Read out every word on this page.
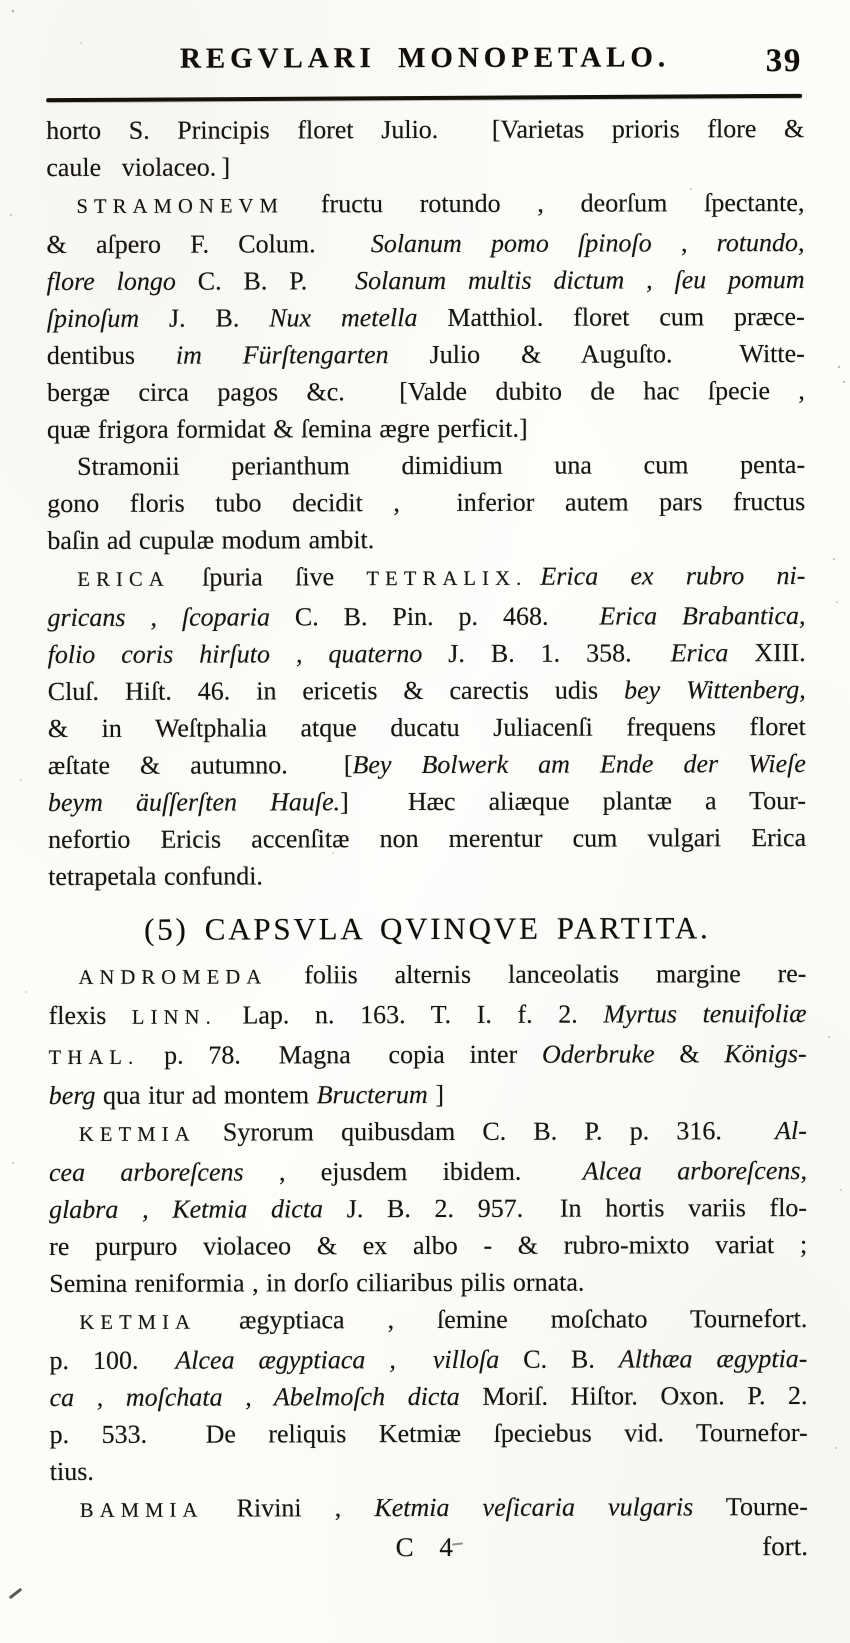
REGVLARI MONOPETALO.	39
horto S. Principis floret Julio.  [Varietas prioris flore &
caule  violaceo. ]
STRAMONEVM fructu rotundo , deorſum ſpectante,
& aſpero F. Colum.  Solanum pomo ſpinoſo , rotundo,
flore longo C. B. P.  Solanum multis dictum , ſeu pomum
ſpinoſum J. B. Nux metella Matthiol. floret cum præce-
dentibus im Fürſtengarten Julio & Auguſto.  Witte-
bergæ circa pagos &c.  [Valde dubito de hac ſpecie ,
quæ frigora formidat & ſemina ægre perficit.]
Stramonii perianthum dimidium una cum penta-
gono floris tubo decidit ,  inferior autem pars fructus
baſin ad cupulæ modum ambit.
ERICA ſpuria ſive TETRALIX.  Erica ex rubro ni-
gricans , ſcoparia C. B. Pin. p. 468.  Erica Brabantica,
folio coris hirſuto , quaterno J. B. 1. 358.  Erica XIII.
Cluſ. Hiſt. 46. in ericetis & carectis udis bey Wittenberg,
& in Weſtphalia atque ducatu Juliacenſi frequens floret
æſtate & autumno.  [Bey Bolwerk am Ende der Wieſe
beym äuſſerſten Hauſe.]  Hæc aliæque plantæ a Tour-
nefortio Ericis accenſitæ non merentur cum vulgari Erica
tetrapetala confundi.
(5) CAPSVLA QVINQVE PARTITA.
ANDROMEDA foliis alternis lanceolatis margine re-
flexis LINN. Lap. n. 163. T. I. f. 2. Myrtus tenuifoliæ
THAL. p. 78.  Magna  copia inter Oderbruke & Königs-
berg qua itur ad montem Bructerum ]
KETMIA Syrorum quibusdam C. B. P. p. 316.  Al-
cea arboreſcens , ejusdem ibidem.  Alcea arboreſcens,
glabra , Ketmia dicta J. B. 2. 957.  In hortis variis flo-
re purpuro violaceo & ex albo - & rubro-mixto variat ;
Semina reniformia , in dorſo ciliaribus pilis ornata.
KETMIA ægyptiaca , ſemine moſchato Tournefort.
p. 100.  Alcea ægyptiaca ,  villoſa C. B. Althæa ægyptia-
ca , moſchata , Abelmoſch dicta Moriſ. Hiſtor. Oxon. P. 2.
p. 533.  De reliquis Ketmiæ ſpeciebus vid. Tournefor-
tius.
BAMMIA Rivini , Ketmia veſicaria vulgaris Tourne-
C 4	fort.
